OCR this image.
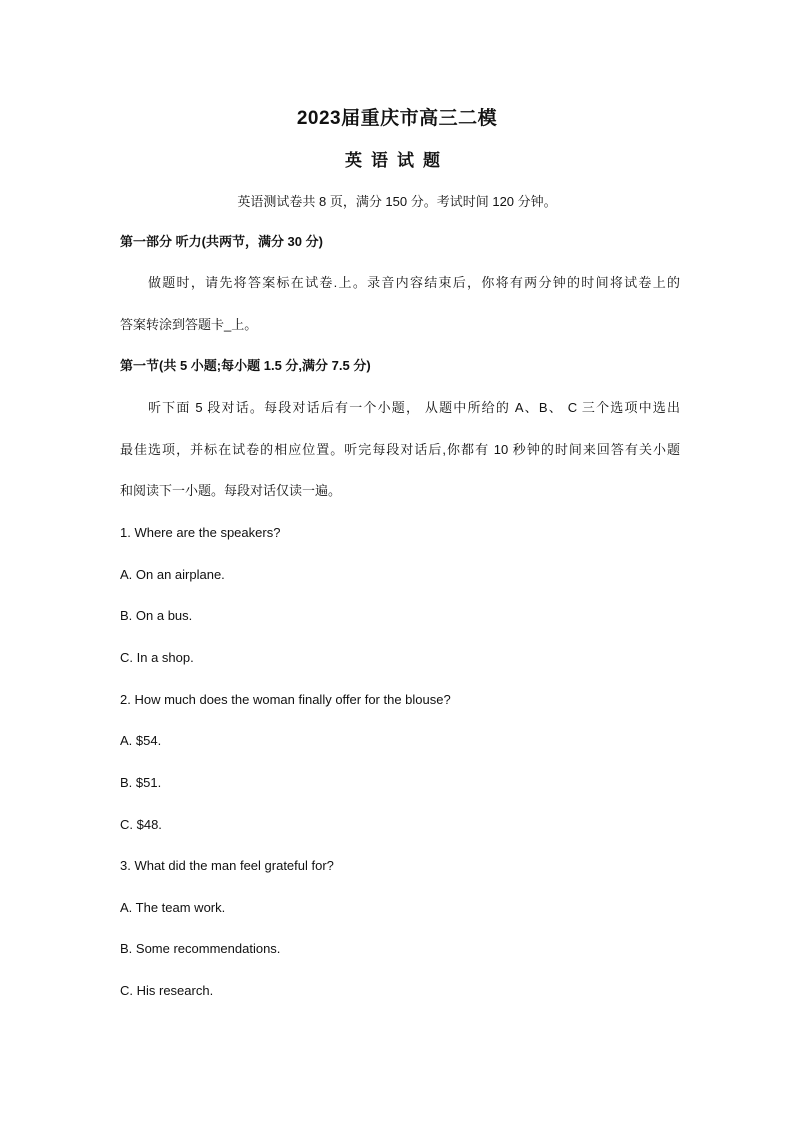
2023届重庆市高三二模
英语试题
英语测试卷共 8 页，满分 150 分。考试时间 120 分钟。
第一部分 听力(共两节，满分 30 分)
做题时，请先将答案标在试卷.上。录音内容结束后，你将有两分钟的时间将试卷上的
答案转涂到答题卡_上。
第一节(共 5 小题;每小题 1.5 分,满分 7.5 分)
听下面 5 段对话。每段对话后有一个小题， 从题中所给的 A、B、 C 三个选项中选出
最佳选项，并标在试卷的相应位置。听完每段对话后,你都有 10 秒钟的时间来回答有关小题
和阅读下一小题。每段对话仅读一遍。
1. Where are the speakers?
A. On an airplane.
B. On a bus.
C. In a shop.
2. How much does the woman finally offer for the blouse?
A. $54.
B. $51.
C. $48.
3. What did the man feel grateful for?
A. The team work.
B. Some recommendations.
C. His research.
